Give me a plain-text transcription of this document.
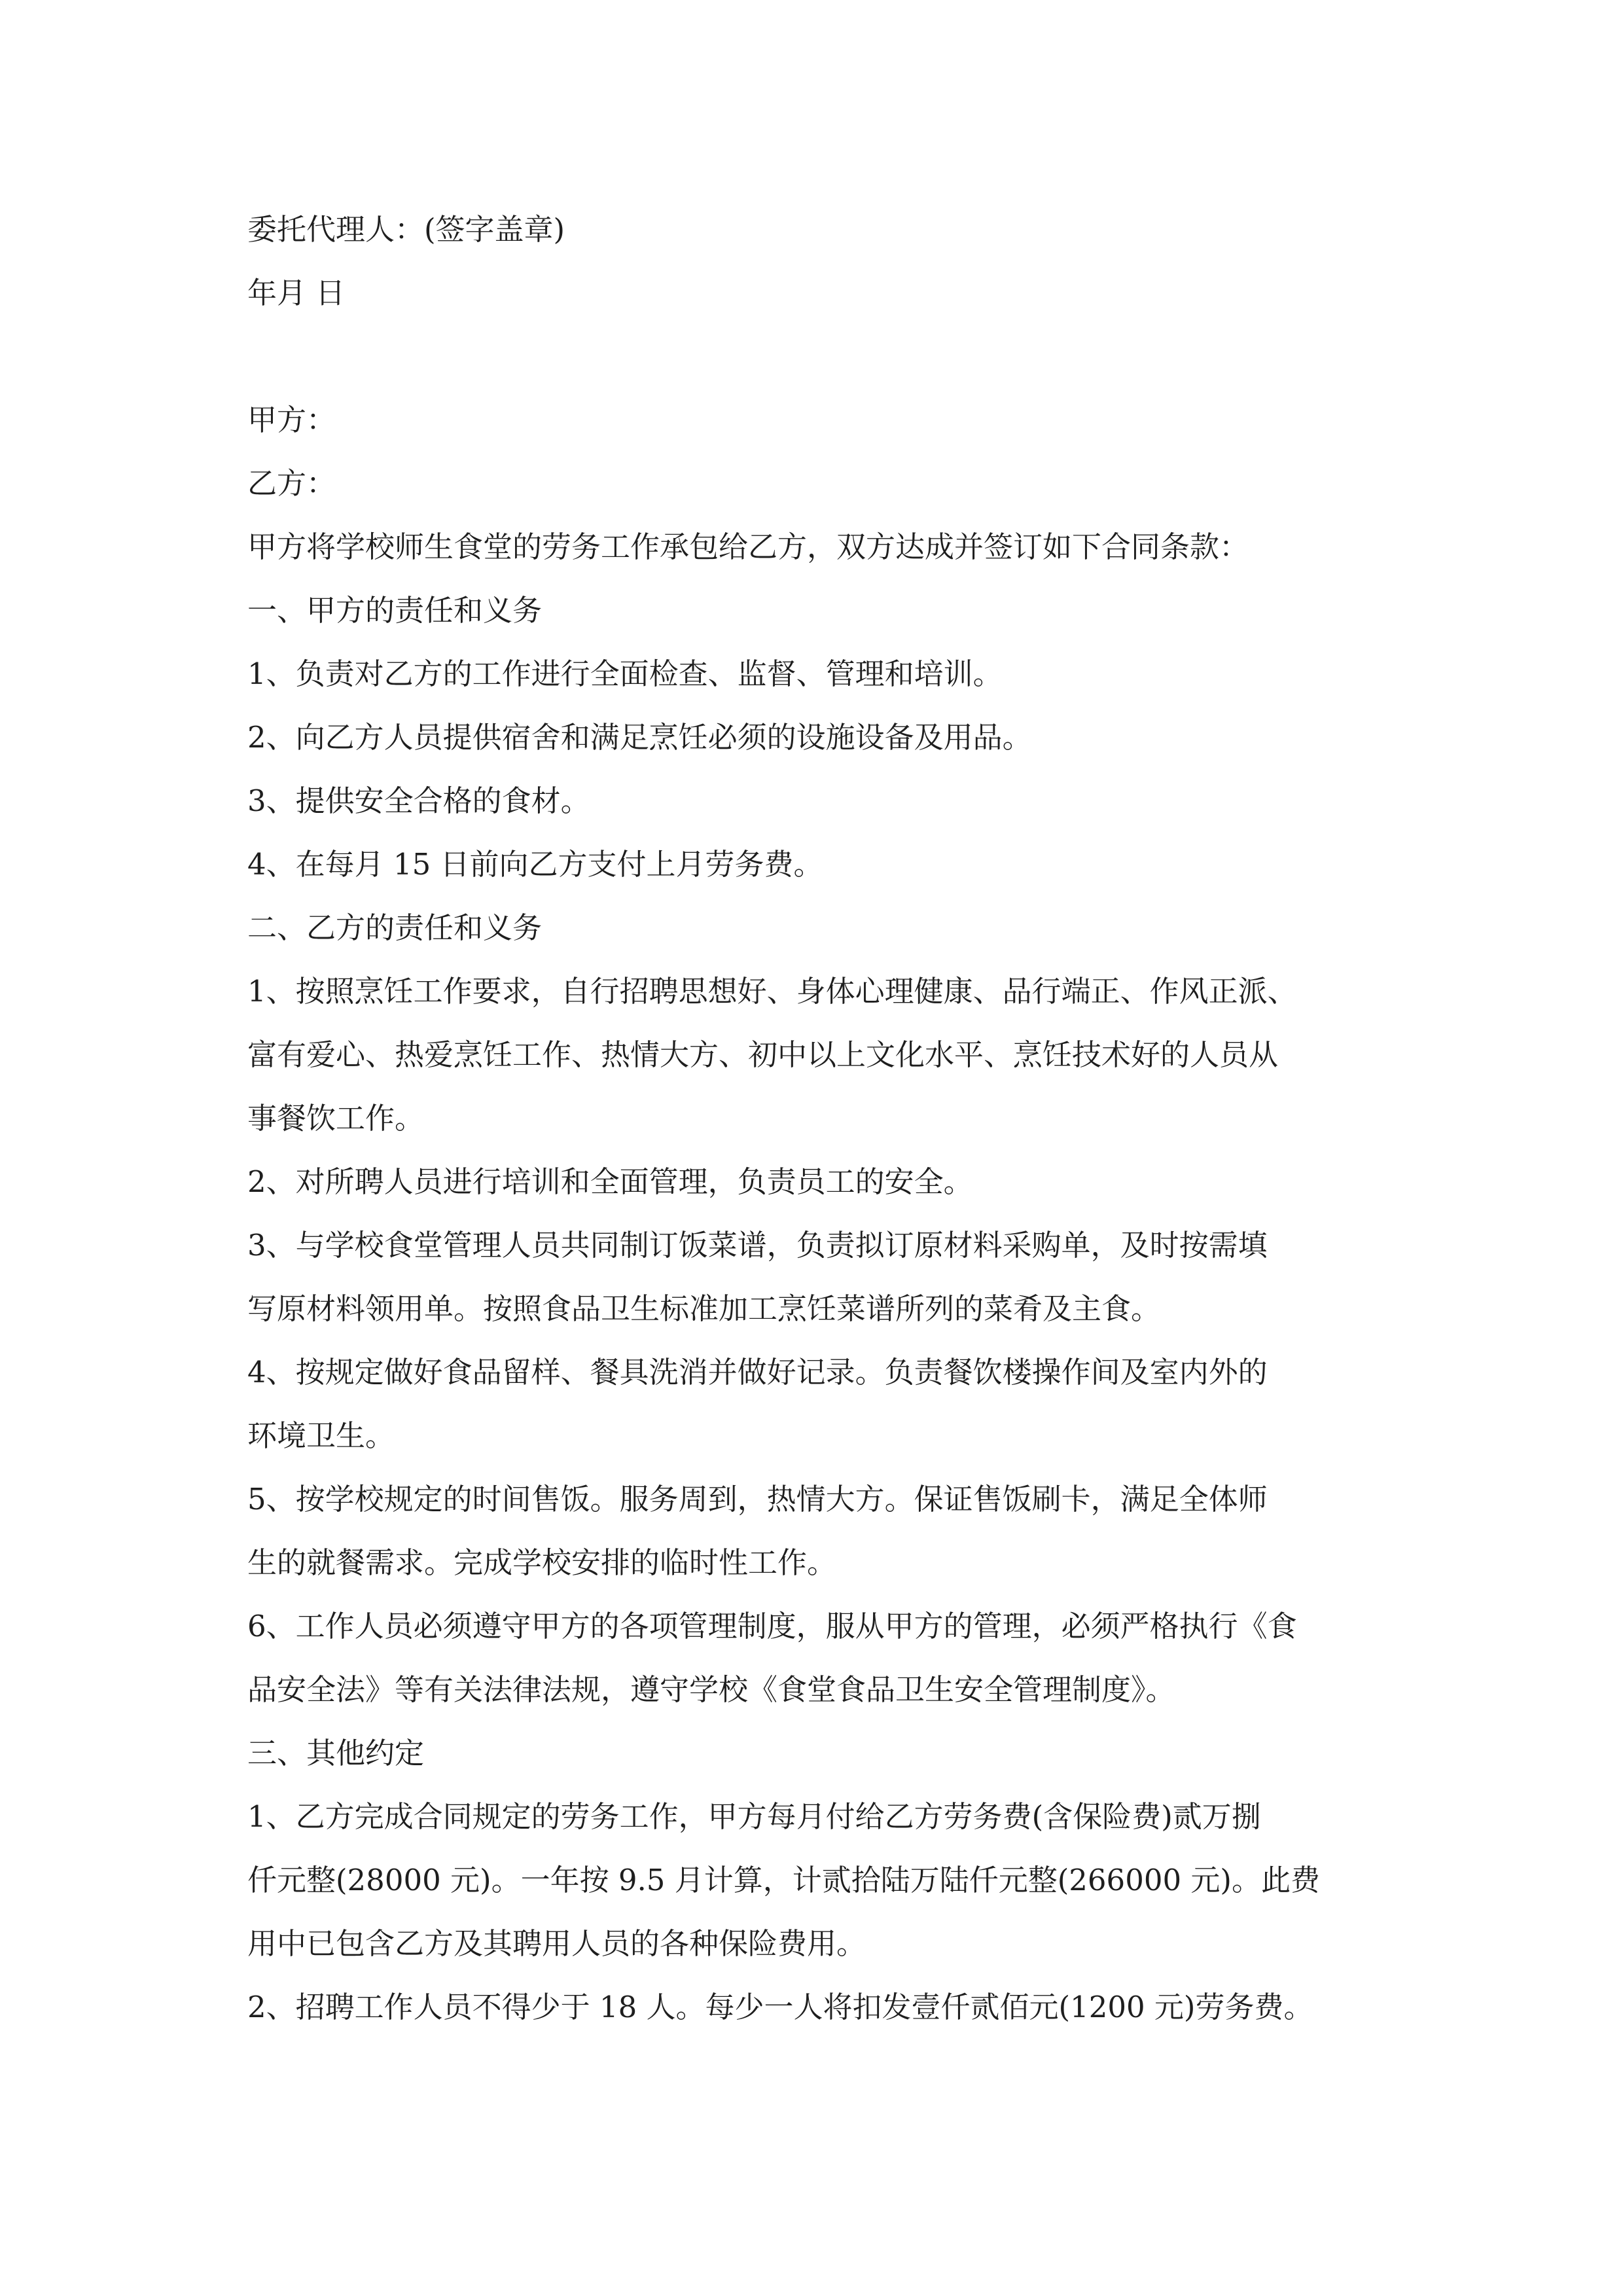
委托代理人：(签字盖章)
年月 日
甲方：
乙方：
甲方将学校师生食堂的劳务工作承包给乙方，双方达成并签订如下合同条款：
一、甲方的责任和义务
1、负责对乙方的工作进行全面检查、监督、管理和培训。
2、向乙方人员提供宿舍和满足烹饪必须的设施设备及用品。
3、提供安全合格的食材。
4、在每月 15 日前向乙方支付上月劳务费。
二、乙方的责任和义务
1、按照烹饪工作要求，自行招聘思想好、身体心理健康、品行端正、作风正派、
富有爱心、热爱烹饪工作、热情大方、初中以上文化水平、烹饪技术好的人员从
事餐饮工作。
2、对所聘人员进行培训和全面管理，负责员工的安全。
3、与学校食堂管理人员共同制订饭菜谱，负责拟订原材料采购单，及时按需填
写原材料领用单。按照食品卫生标准加工烹饪菜谱所列的菜肴及主食。
4、按规定做好食品留样、餐具洗消并做好记录。负责餐饮楼操作间及室内外的
环境卫生。
5、按学校规定的时间售饭。服务周到，热情大方。保证售饭刷卡，满足全体师
生的就餐需求。完成学校安排的临时性工作。
6、工作人员必须遵守甲方的各项管理制度，服从甲方的管理，必须严格执行《食
品安全法》等有关法律法规，遵守学校《食堂食品卫生安全管理制度》。
三、其他约定
1、乙方完成合同规定的劳务工作，甲方每月付给乙方劳务费(含保险费)贰万捌
仟元整(28000 元)。一年按 9.5 月计算，计贰拾陆万陆仟元整(266000 元)。此费
用中已包含乙方及其聘用人员的各种保险费用。
2、招聘工作人员不得少于 18 人。每少一人将扣发壹仟贰佰元(1200 元)劳务费。
